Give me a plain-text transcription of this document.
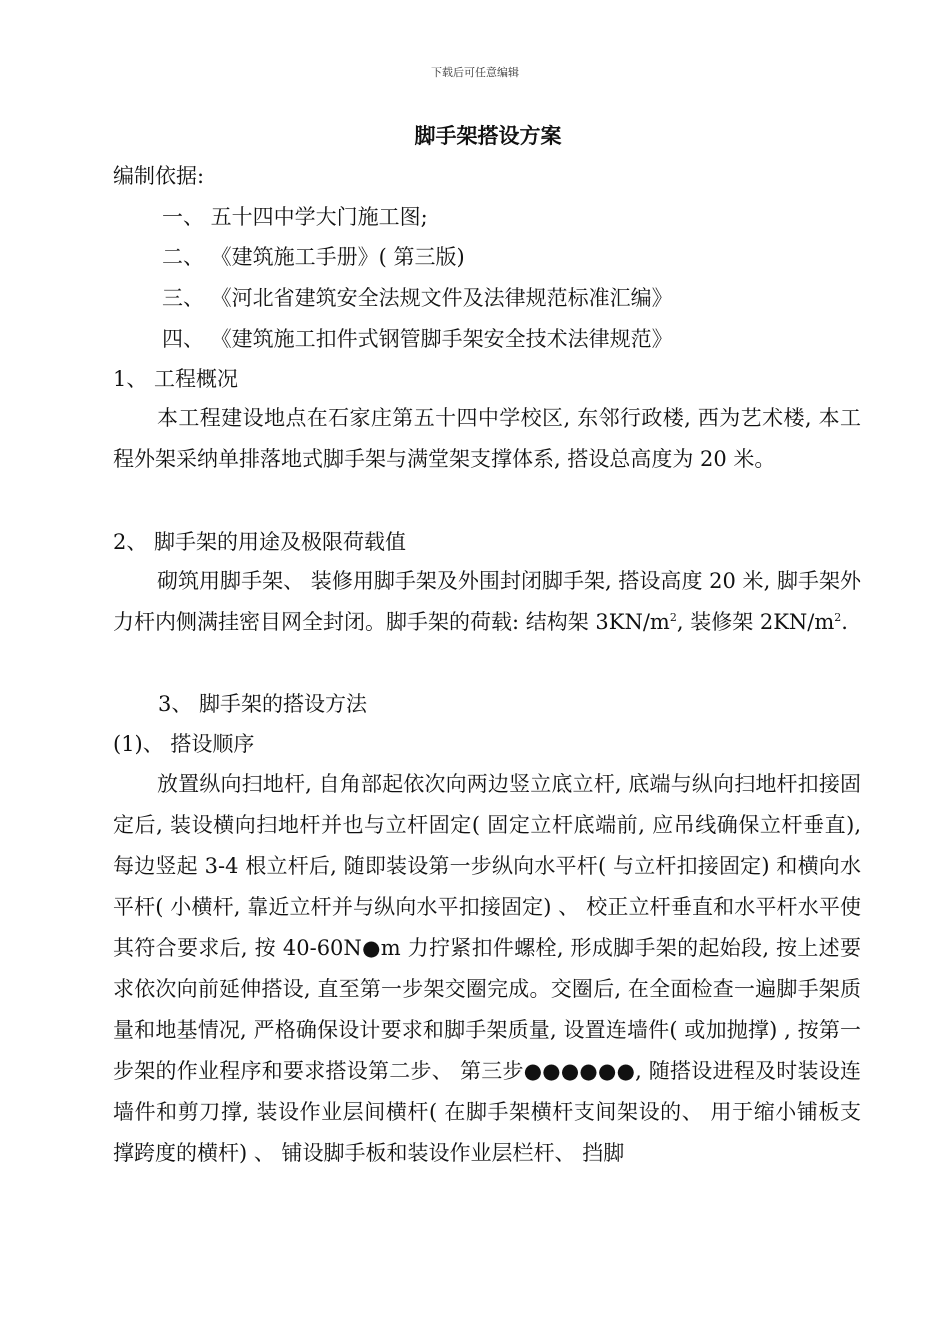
下载后可任意编辑
脚手架搭设方案
编制依据:
一、 五十四中学大门施工图;
二、 《建筑施工手册》( 第三版)
三、 《河北省建筑安全法规文件及法律规范标准汇编》
四、 《建筑施工扣件式钢管脚手架安全技术法律规范》
1、 工程概况
本工程建设地点在石家庄第五十四中学校区, 东邻行政楼, 西为艺术楼, 本工程外架采纳单排落地式脚手架与满堂架支撑体系, 搭设总高度为 20 米。
2、 脚手架的用途及极限荷载值
砌筑用脚手架、 装修用脚手架及外围封闭脚手架, 搭设高度 20 米, 脚手架外力杆内侧满挂密目网全封闭。脚手架的荷载: 结构架 $3KN/m^2$, 装修架 $2KN/m^2$.
3、 脚手架的搭设方法
(1)、 搭设顺序
放置纵向扫地杆, 自角部起依次向两边竖立底立杆, 底端与纵向扫地杆扣接固定后, 装设横向扫地杆并也与立杆固定( 固定立杆底端前, 应吊线确保立杆垂直), 每边竖起 3-4 根立杆后, 随即装设第一步纵向水平杆( 与立杆扣接固定) 和横向水平杆( 小横杆, 靠近立杆并与纵向水平扣接固定) 、 校正立杆垂直和水平杆水平使其符合要求后, 按 40-60N●m 力拧紧扣件螺栓, 形成脚手架的起始段, 按上述要求依次向前延伸搭设, 直至第一步架交圈完成。交圈后, 在全面检查一遍脚手架质量和地基情况, 严格确保设计要求和脚手架质量, 设置连墙件( 或加抛撑) , 按第一步架的作业程序和要求搭设第二步、 第三步●●●●●●, 随搭设进程及时装设连墙件和剪刀撑, 装设作业层间横杆( 在脚手架横杆支间架设的、 用于缩小铺板支撑跨度的横杆) 、 铺设脚手板和装设作业层栏杆、 挡脚
